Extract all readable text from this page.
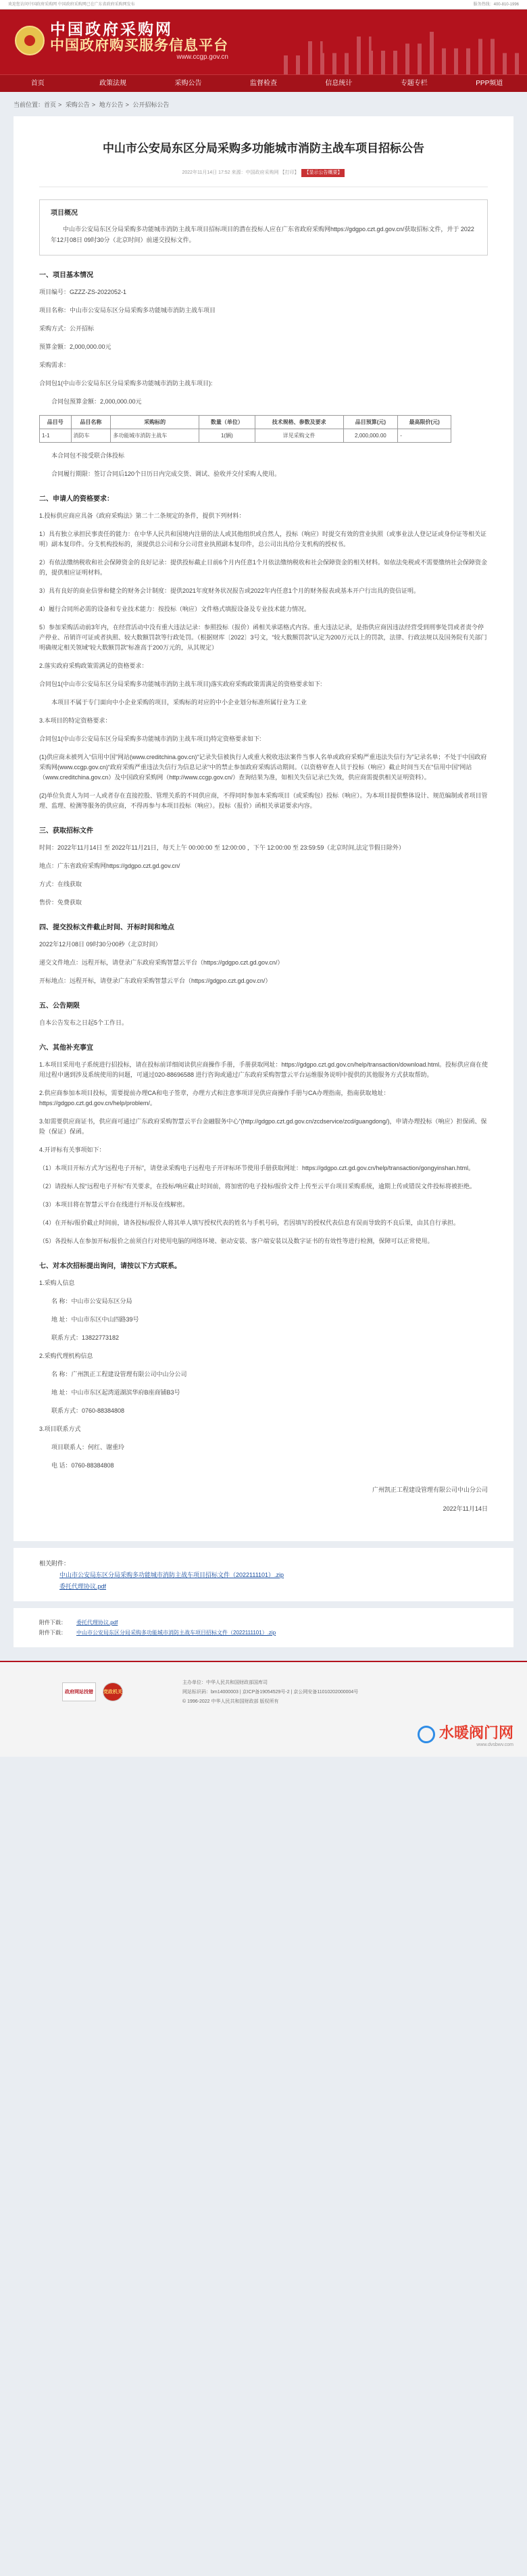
欢迎您访问中国政府采购网 中国政府采购网已在广东省政府采购网发布	服务热线：400-810-1996
中国政府采购网
中国政府购买服务信息平台
www.ccgp.gov.cn
首页	政策法规	采购公告	监督检查	信息统计	专题专栏	PPP频道
当前位置：首页 > 采购公告 > 地方公告 > 公开招标公告
中山市公安局东区分局采购多功能城市消防主战车项目招标公告
2022年11月14日 17:52 来源：中国政府采购网 【打印】 【显示公告概要】
项目概况

中山市公安局东区分局采购多功能城市消防主战车项目招标项目的潜在投标人应在广东省政府采购网https://gdgpo.czt.gd.gov.cn/获取招标文件，并于 2022年12月08日 09时30分（北京时间）前递交投标文件。

一、项目基本情况
项目编号：GZZZ-ZS-2022052-1
项目名称：中山市公安局东区分局采购多功能城市消防主战车项目
采购方式：公开招标
预算金额：2,000,000.00元
采购需求：
合同包1(中山市公安局东区分局采购多功能城市消防主战车项目):
合同包预算金额：2,000,000.00元
品目号	品目名称	采购标的	数量（单位）	技术规格、参数及要求	品目预算(元)	最高限价(元)
1-1	消防车	多功能城市消防主战车	1(辆)	详见采购文件	2,000,000.00	-
本合同包不接受联合体投标
合同履行期限：签订合同后120个日历日内完成交货、调试、验收并交付采购人使用。
二、申请人的资格要求：
1.投标供应商应具备《政府采购法》第二十二条规定的条件，提供下列材料：
1）具有独立承担民事责任的能力：在中华人民共和国境内注册的法人或其他组织或自然人，投标（响应）时提交有效的营业执照（或事业法人登记证或身份证等相关证明）副本复印件。分支机构投标的，须提供总公司和分公司营业执照副本复印件，总公司出具给分支机构的授权书。
2）有依法缴纳税收和社会保障资金的良好记录：提供投标截止日前6个月内任意1个月依法缴纳税收和社会保障资金的相关材料。如依法免税或不需要缴纳社会保障资金的，提供相应证明材料。
3）具有良好的商业信誉和健全的财务会计制度：提供2021年度财务状况报告或2022年内任意1个月的财务报表或基本开户行出具的资信证明。
4）履行合同所必需的设备和专业技术能力：按投标（响应）文件格式填报设备及专业技术能力情况。
5）参加采购活动前3年内，在经营活动中没有重大违法记录：参照投标（报价）函相关承诺格式内容。重大违法记录，是指供应商因违法经营受到刑事处罚或者责令停产停业、吊销许可证或者执照、较大数额罚款等行政处罚。（根据财库〔2022〕3号文，“较大数额罚款”认定为200万元以上的罚款，法律、行政法规以及国务院有关部门明确规定相关领域“较大数额罚款”标准高于200万元的，从其规定）
2.落实政府采购政策需满足的资格要求：
合同包1(中山市公安局东区分局采购多功能城市消防主战车项目)落实政府采购政策需满足的资格要求如下:
本项目不属于专门面向中小企业采购的项目，采购标的对应的中小企业划分标准所属行业为工业
3.本项目的特定资格要求：
合同包1(中山市公安局东区分局采购多功能城市消防主战车项目)特定资格要求如下:
(1)供应商未被列入“信用中国”网站(www.creditchina.gov.cn)“记录失信被执行人或重大税收违法案件当事人名单或政府采购严重违法失信行为”记录名单；不处于中国政府采购网(www.ccgp.gov.cn)“政府采购严重违法失信行为信息记录”中的禁止参加政府采购活动期间。（以资格审查人员于投标（响应）截止时间当天在“信用中国”网站（www.creditchina.gov.cn）及中国政府采购网（http://www.ccgp.gov.cn/）查询结果为准，如相关失信记录已失效，供应商需提供相关证明资料）。
(2)单位负责人为同一人或者存在直接控股、管理关系的不同供应商，不得同时参加本采购项目（或采购包）投标（响应）。为本项目提供整体设计、规范编制或者项目管理、监理、检测等服务的供应商，不得再参与本项目投标（响应）。投标（报价）函相关承诺要求内容。
三、获取招标文件
时间：2022年11月14日 至 2022年11月21日，每天上午 00:00:00 至 12:00:00 ，下午 12:00:00 至 23:59:59（北京时间,法定节假日除外）
地点：广东省政府采购网https://gdgpo.czt.gd.gov.cn/
方式：在线获取
售价：免费获取
四、提交投标文件截止时间、开标时间和地点
2022年12月08日 09时30分00秒（北京时间）
递交文件地点：远程开标，请登录广东政府采购智慧云平台（https://gdgpo.czt.gd.gov.cn/）
开标地点：远程开标，请登录广东政府采购智慧云平台（https://gdgpo.czt.gd.gov.cn/）
五、公告期限
自本公告发布之日起5个工作日。
六、其他补充事宜
1.本项目采用电子系统进行招投标，请在投标前详细阅读供应商操作手册，手册获取网址：https://gdgpo.czt.gd.gov.cn/help/transaction/download.html。投标供应商在使用过程中遇到涉及系统使用的问题，可通过020-88696588 进行咨询或通过广东政府采购智慧云平台运维服务说明中提供的其他服务方式获取帮助。
2.供应商参加本项目投标，需要提前办理CA和电子签章，办理方式和注意事项详见供应商操作手册与CA办理指南，指南获取地址：https://gdgpo.czt.gd.gov.cn/help/problem/。
3.如需要供应商证书，供应商可通过广东政府采购智慧云平台金融服务中心”(http://gdgpo.czt.gd.gov.cn/zcdservice/zcd/guangdong/)，申请办理投标（响应）担保函、保险（保证）保函。
4.开评标有关事项如下：
（1）本项目开标方式为“远程电子开标”，请登录采购电子远程电子开评标环节使用手册获取网址：https://gdgpo.czt.gd.gov.cn/help/transaction/gongyinshan.html。
（2）请投标人按“远程电子开标”有关要求，在投标/响应截止时间前，将加密的电子投标/报价文件上传至云平台项目采购系统，逾期上传或错误文件投标将被拒绝。
（3）本项目将在智慧云平台在线进行开标及在线解密。
（4）在开标/报价截止时间前，请各投标/报价人将其单人填写授权代表的姓名与手机号码，若因填写的授权代表信息有误而导致的不良后果，由其自行承担。
（5）各投标人在参加开标/报价之前须自行对使用电脑的网络环境、驱动安装、客户端安装以及数字证书的有效性等进行检测，保障可以正常使用。
七、对本次招标提出询问，请按以下方式联系。
1.采购人信息
名 称：中山市公安局东区分局
地 址：中山市东区中山四路39号
联系方式：13822773182
2.采购代理机构信息
名 称：广州凯正工程建设管理有限公司中山分公司
地 址：中山市东区起湾道湖滨华府B座商铺B3号
联系方式：0760-88384808
3.项目联系方式
项目联系人：何红、谢重玲
电 话：0760-88384808
广州凯正工程建设管理有限公司中山分公司
2022年11月14日
相关附件：
中山市公安局东区分局采购多功能城市消防主战车项目招标文件（2022111101）.zip
委托代理协议.pdf
附件下载：	委托代理协议.pdf
附件下载：	中山市公安局东区分局采购多功能城市消防主战车项目招标文件（2022111101）.zip
政府网站找错	党政机关
主办单位：中华人民共和国财政部国库司
网站标识码：bm14000003 | 京ICP备19054529号-2 | 京公网安备11010202000004号
© 1996-2022 中华人民共和国财政部 版权所有
水暖阀门网
www.dvsbwv.com
